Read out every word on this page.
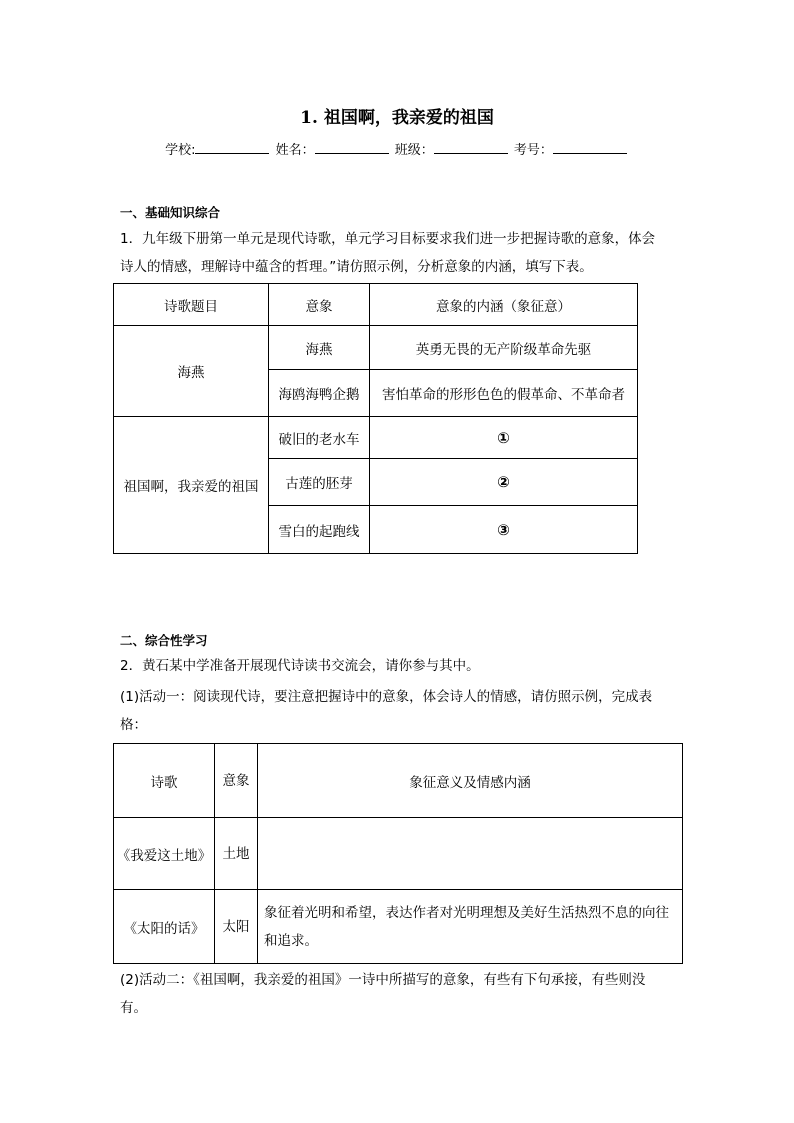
1. 祖国啊，我亲爱的祖国
学校:	姓名：	班级：	考号：
一、基础知识综合
1．九年级下册第一单元是现代诗歌，单元学习目标要求我们进一步把握诗歌的意象，体会
诗人的情感，理解诗中蕴含的哲理。”请仿照示例，分析意象的内涵，填写下表。
诗歌题目	意象	意象的内涵（象征意）
海燕	海燕	英勇无畏的无产阶级革命先驱
	海鸥海鸭企鹅	害怕革命的形形色色的假革命、不革命者
祖国啊，我亲爱的祖国	破旧的老水车	①
	古莲的胚芽	②
	雪白的起跑线	③
二、综合性学习
2．黄石某中学准备开展现代诗读书交流会，请你参与其中。
(1)活动一：阅读现代诗，要注意把握诗中的意象，体会诗人的情感，请仿照示例，完成表
格：
诗歌	意象	象征意义及情感内涵
《我爱这土地》	土地	
《太阳的话》	太阳	象征着光明和希望，表达作者对光明理想及美好生活热烈不息的向往和追求。
(2)活动二：《祖国啊，我亲爱的祖国》一诗中所描写的意象，有些有下句承接，有些则没
有。
